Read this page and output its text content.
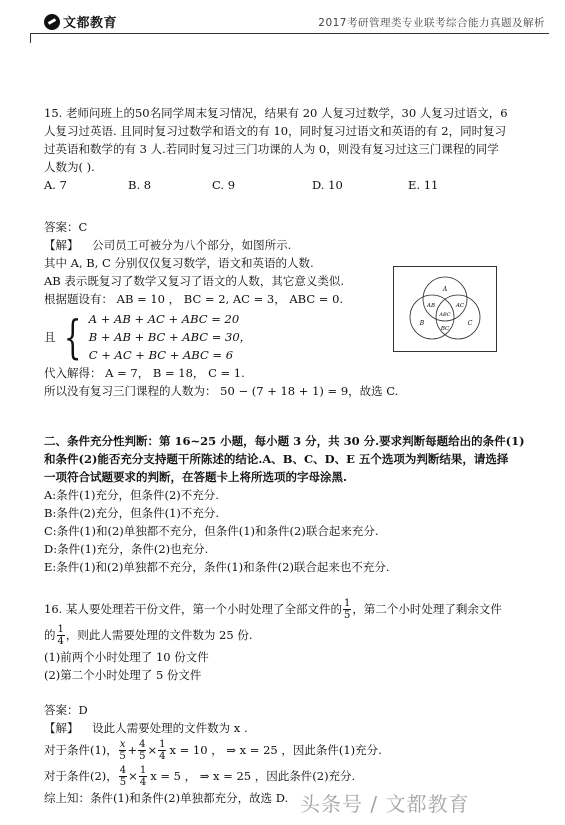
文都教育	2017考研管理类专业联考综合能力真题及解析
15. 老师问班上的50名同学周末复习情况，结果有 20 人复习过数学，30 人复习过语文，6
人复习过英语. 且同时复习过数学和语文的有 10，同时复习过语文和英语的有 2，同时复习
过英语和数学的有 3 人.若同时复习过三门功课的人为 0，则没有复习过这三门课程的同学
人数为( ).
A. 7	B. 8	C. 9	D. 10	E. 11
答案：C
【解】 公司员工可被分为八个部分，如图所示.
其中 A, B, C 分别仅仅复习数学，语文和英语的人数.
AB 表示既复习了数学又复习了语文的人数，其它意义类似.
根据题设有： AB = 10 ， BC = 2, AC = 3， ABC = 0.
且 { A + AB + AC + ABC = 20
B + AB + BC + ABC = 30，
C + AC + BC + ABC = 6
代入解得： A = 7， B = 18， C = 1.
所以没有复习三门课程的人数为： 50 − (7 + 18 + 1) = 9，故选 C.
A
AB	AC
ABC
BC
B	C
二、条件充分性判断：第 16~25 小题，每小题 3 分，共 30 分.要求判断每题给出的条件(1)
和条件(2)能否充分支持题干所陈述的结论.A、B、C、D、E 五个选项为判断结果，请选择
一项符合试题要求的判断，在答题卡上将所选项的字母涂黑.
A:条件(1)充分，但条件(2)不充分.
B:条件(2)充分，但条件(1)不充分.
C:条件(1)和(2)单独都不充分，但条件(1)和条件(2)联合起来充分.
D:条件(1)充分，条件(2)也充分.
E:条件(1)和(2)单独都不充分，条件(1)和条件(2)联合起来也不充分.
16. 某人要处理若干份文件，第一个小时处理了全部文件的 $\frac{1}{5}$ ，第二个小时处理了剩余文件
的 $\frac{1}{4}$ ，则此人需要处理的文件数为 25 份.
(1)前两个小时处理了 10 份文件
(2)第二个小时处理了 5 份文件
答案：D
【解】 设此人需要处理的文件数为 x .
对于条件(1)， $\frac{x}{5} + \frac{4}{5} \times \frac{1}{4}$ x = 10 ， ⇒ x = 25 ，因此条件(1)充分.
对于条件(2)， $\frac{4}{5} \times \frac{1}{4}$ x = 5 ， ⇒ x = 25 ，因此条件(2)充分.
综上知：条件(1)和条件(2)单独都充分，故选 D. 头条号 / 文都教育
